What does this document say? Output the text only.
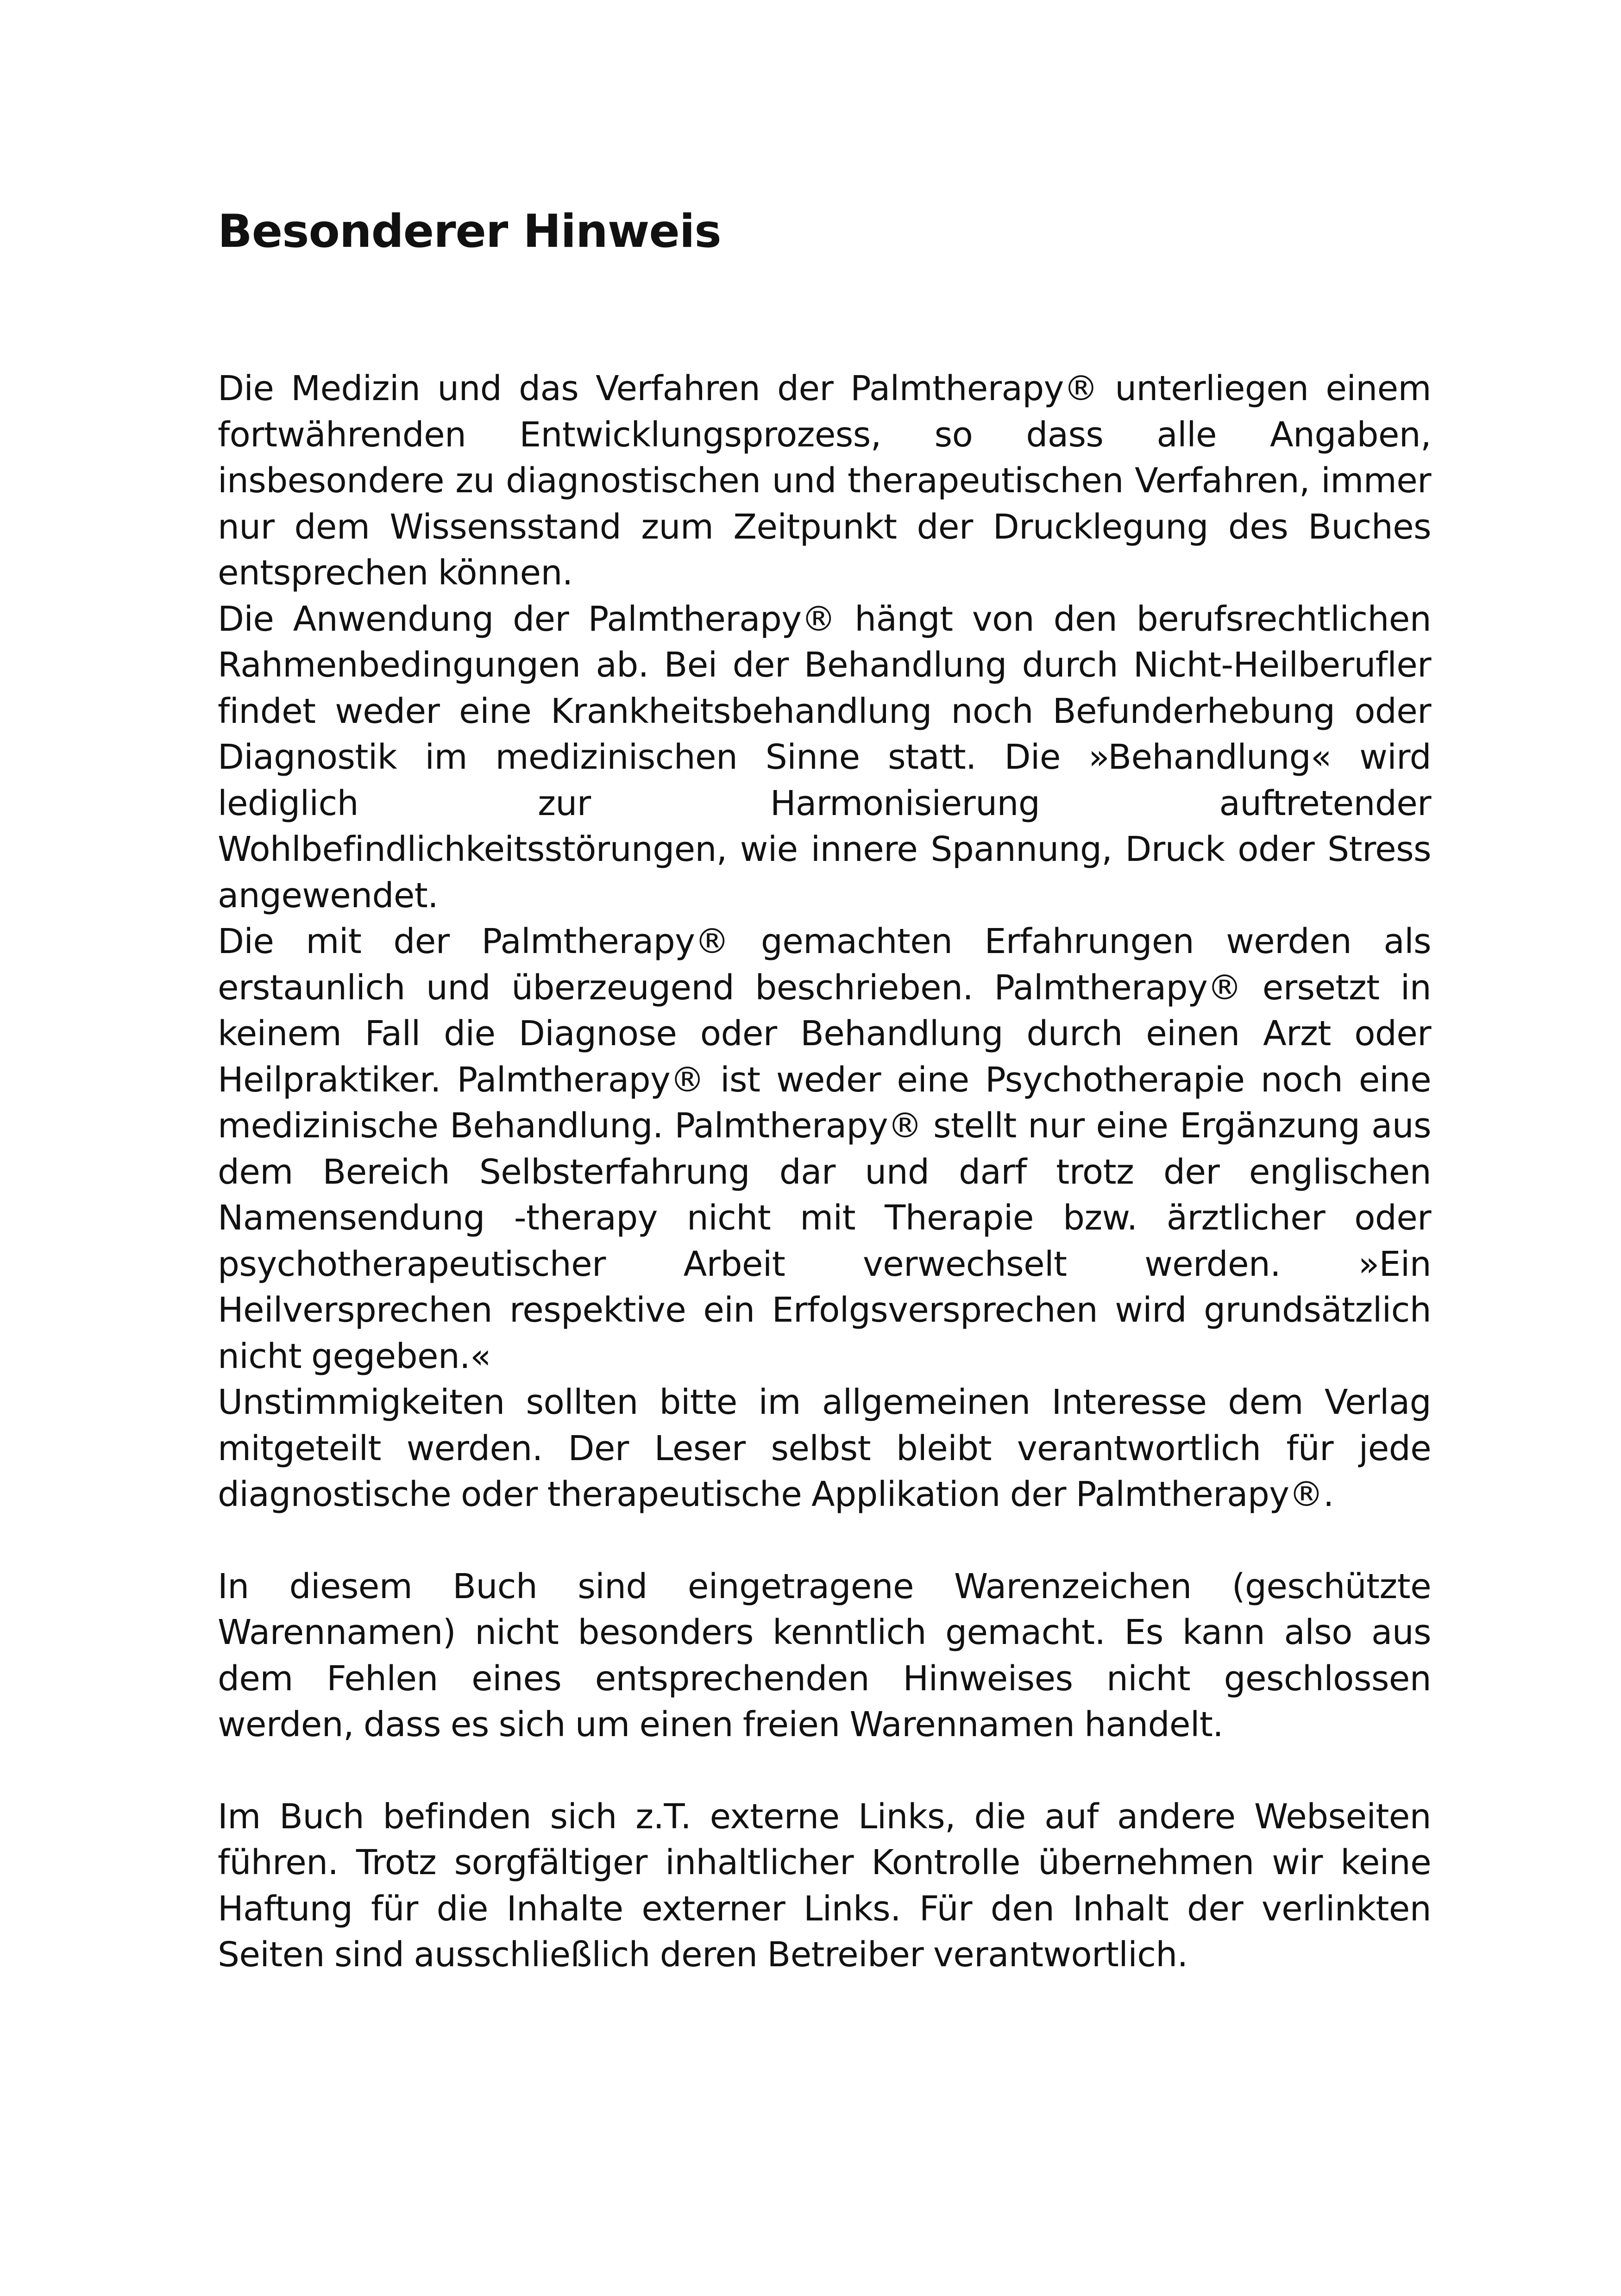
Besonderer Hinweis

Die Medizin und das Verfahren der Palmtherapy® unterliegen einem fortwährenden Entwicklungsprozess, so dass alle Angaben, insbesondere zu diagnostischen und therapeutischen Verfahren, immer nur dem Wissensstand zum Zeitpunkt der Drucklegung des Buches entsprechen können.

Die Anwendung der Palmtherapy® hängt von den berufsrechtlichen Rahmenbedingungen ab. Bei der Behandlung durch Nicht-Heilberufler findet weder eine Krankheitsbehandlung noch Befunderhebung oder Diagnostik im medizinischen Sinne statt. Die »Behandlung« wird lediglich zur Harmonisierung auftretender Wohlbefindlichkeitsstörungen, wie innere Spannung, Druck oder Stress angewendet.

Die mit der Palmtherapy® gemachten Erfahrungen werden als erstaunlich und überzeugend beschrieben. Palmtherapy® ersetzt in keinem Fall die Diagnose oder Behandlung durch einen Arzt oder Heilpraktiker. Palmtherapy® ist weder eine Psychotherapie noch eine medizinische Behandlung. Palmtherapy® stellt nur eine Ergänzung aus dem Bereich Selbsterfahrung dar und darf trotz der englischen Namensendung -therapy nicht mit Therapie bzw. ärztlicher oder psychotherapeutischer Arbeit verwechselt werden. »Ein Heilversprechen respektive ein Erfolgsversprechen wird grundsätzlich nicht gegeben.«

Unstimmigkeiten sollten bitte im allgemeinen Interesse dem Verlag mitgeteilt werden. Der Leser selbst bleibt verantwortlich für jede diagnostische oder therapeutische Applikation der Palmtherapy®.

In diesem Buch sind eingetragene Warenzeichen (geschützte Warennamen) nicht besonders kenntlich gemacht. Es kann also aus dem Fehlen eines entsprechenden Hinweises nicht geschlossen werden, dass es sich um einen freien Warennamen handelt.

Im Buch befinden sich z.T. externe Links, die auf andere Webseiten führen. Trotz sorgfältiger inhaltlicher Kontrolle übernehmen wir keine Haftung für die Inhalte externer Links. Für den Inhalt der verlinkten Seiten sind ausschließlich deren Betreiber verantwortlich.
